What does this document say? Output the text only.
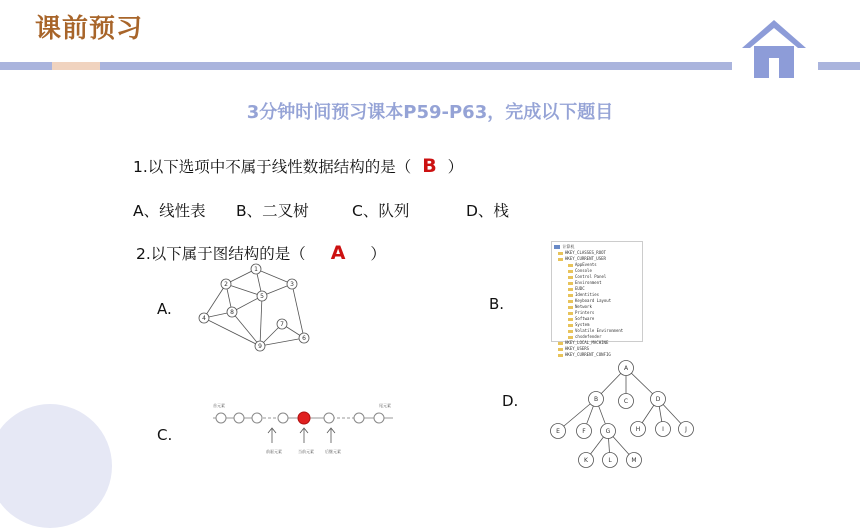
课前预习
3分钟时间预习课本P59-P63，完成以下题目
1.以下选项中不属于线性数据结构的是（ B ）
A、线性表 B、二叉树	C、队列	D、栈
2.以下属于图结构的是（ A ）
A.	B.
C.
D.
1
2	3
4
5
6
7
8
9
计算机
HKEY_CLASSES_ROOT
HKEY_CURRENT_USER
AppEvents
Console
Control Panel
Environment
EUDC
Identities
Keyboard Layout
Network
Printers
Software
System
Volatile Environment
chsdefender
HKEY_LOCAL_MACHINE
HKEY_USERS
HKEY_CURRENT_CONFIG
首元素	尾元素
前驱元素	当前元素	后继元素
A
B	C	D
E	F	G	H	I	J
K	L	M
